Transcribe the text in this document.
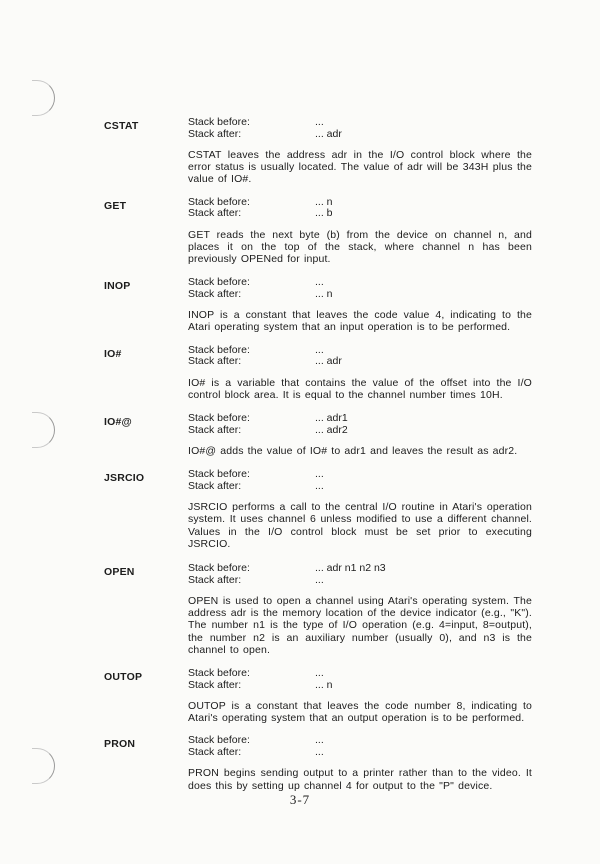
CSTAT	Stack before:	...
Stack after:	... adr
CSTAT leaves the address adr in the I/O control block where the error status is usually located. The value of adr will be 343H plus the value of IO#.
GET	Stack before:	... n
Stack after:	... b
GET reads the next byte (b) from the device on channel n, and places it on the top of the stack, where channel n has been previously OPENed for input.
INOP	Stack before:	...
Stack after:	... n
INOP is a constant that leaves the code value 4, indicating to the Atari operating system that an input operation is to be performed.
IO#	Stack before:	...
Stack after:	... adr
IO# is a variable that contains the value of the offset into the I/O control block area. It is equal to the channel number times 10H.
IO#@	Stack before:	... adr1
Stack after:	... adr2
IO#@ adds the value of IO# to adr1 and leaves the result as adr2.
JSRCIO	Stack before:	...
Stack after:	...
JSRCIO performs a call to the central I/O routine in Atari's operation system. It uses channel 6 unless modified to use a different channel. Values in the I/O control block must be set prior to executing JSRCIO.
OPEN	Stack before:	... adr n1 n2 n3
Stack after:	...
OPEN is used to open a channel using Atari's operating system. The address adr is the memory location of the device indicator (e.g., "K"). The number n1 is the type of I/O operation (e.g. 4=input, 8=output), the number n2 is an auxiliary number (usually 0), and n3 is the channel to open.
OUTOP	Stack before:	...
Stack after:	... n
OUTOP is a constant that leaves the code number 8, indicating to Atari's operating system that an output operation is to be performed.
PRON	Stack before:	...
Stack after:	...
PRON begins sending output to a printer rather than to the video. It does this by setting up channel 4 for output to the "P" device.
3-7
